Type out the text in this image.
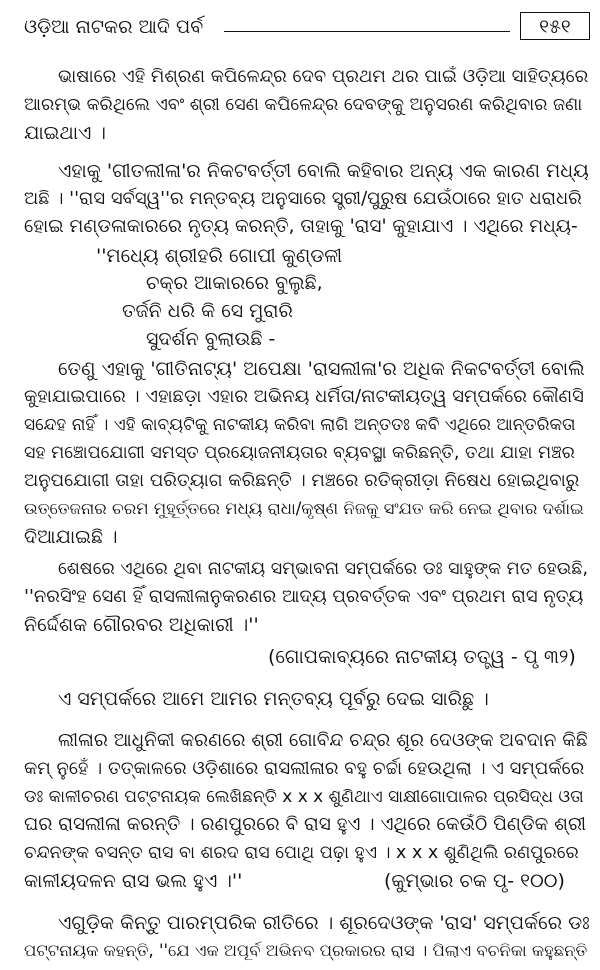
ଓଡ଼ିଆ ନାଟକର ଆଦି ପର୍ବ	୧୫୧
ଭାଷାରେ ଏହି ମିଶ୍ରଣ କପିଳେନ୍ଦ୍ର ଦେବ ପ୍ରଥମ ଥର ପାଇଁ ଓଡ଼ିଆ ସାହିତ୍ୟରେ
ଆରମ୍ଭ କରିଥିଲେ ଏବଂ ଶ୍ରୀ ସେଣ କପିଳେନ୍ଦ୍ର ଦେବଙ୍କୁ ଅନୁସରଣ କରିଥିବାର ଜଣା
ଯାଇଥାଏ ।
ଏହାକୁ 'ଗୀତଲୀଳା'ର ନିକଟବର୍ତ୍ତୀ ବୋଲି କହିବାର ଅନ୍ୟ ଏକ କାରଣ ମଧ୍ୟ
ଅଛି । ''ରାସ ସର୍ବସ୍ୱ''ର ମନ୍ତବ୍ୟ ଅନୁସାରେ ସ୍ତ୍ରୀ/ପୁରୁଷ ଯେଉଁଠାରେ ହାତ ଧରାଧରି
ହୋଇ ମଣ୍ଡଳାକାରରେ ନୃତ୍ୟ କରନ୍ତି, ତାହାକୁ 'ରାସ' କୁହାଯାଏ । ଏଥିରେ ମଧ୍ୟ-
''ମଧ୍ୟେ ଶ୍ରୀହରି ଗୋପୀ କୁଣ୍ଡଳୀ
ଚକ୍ର ଆକାରରେ ବୁଲୁଛି,
ତର୍ଜନି ଧରି କି ସେ ମୁରାରି
ସୁଦର୍ଶନ ବୁଲାଉଛି -
ତେଣୁ ଏହାକୁ 'ଗୀତିନାଟ୍ୟ' ଅପେକ୍ଷା 'ରାସଲୀଳା'ର ଅଧିକ ନିକଟବର୍ତ୍ତୀ ବୋଲି
କୁହାଯାଇପାରେ । ଏହାଛଡ଼ା ଏହାର ଅଭିନୟ ଧର୍ମିତା/ନାଟକୀୟତ୍ୱ ସମ୍ପର୍କରେ କୌଣସି
ସନ୍ଦେହ ନାହିଁ । ଏହି କାବ୍ୟଟିକୁ ନାଟକୀୟ କରିବା ଲାଗି ଅନ୍ତତଃ କବି ଏଥିରେ ଆନ୍ତରିକତା
ସହ ମଞ୍ଚୋପଯୋଗୀ ସମସ୍ତ ପ୍ରୟୋଜନୀୟତାର ବ୍ୟବସ୍ଥା କରିଛନ୍ତି, ତଥା ଯାହା ମଞ୍ଚର
ଅନୁପଯୋଗୀ ତାହା ପରିତ୍ୟାଗ କରିଛନ୍ତି । ମଞ୍ଚରେ ରତିକ୍ରୀଡ଼ା ନିଷେଧ ହୋଇଥିବାରୁ
ଉତ୍ତେଜନାର ଚରମ ମୁହୂର୍ତ୍ତରେ ମଧ୍ୟ ରାଧା/କୃଷ୍ଣ ନିଜକୁ ସଂଯତ କରି ନେଇ ଥିବାର ଦର୍ଶାଇ
ଦିଆଯାଇଛି ।
ଶେଷରେ ଏଥିରେ ଥିବା ନାଟକୀୟ ସମ୍ଭାବନା ସମ୍ପର୍କରେ ଡଃ ସାହୁଙ୍କ ମତ ହେଉଛି,
''ନରସିଂହ ସେଣ ହିଁ ରାସଲୀଳାନୁକରଣର ଆଦ୍ୟ ପ୍ରବର୍ତ୍ତକ ଏବଂ ପ୍ରଥମ ରାସ ନୃତ୍ୟ
ନିର୍ଦ୍ଦେଶକ ଗୌରବର ଅଧିକାରୀ ।''
(ଗୋପକାବ୍ୟରେ ନାଟକୀୟ ତତ୍ତ୍ୱ - ପୃ ୩୨)
ଏ ସମ୍ପର୍କରେ ଆମେ ଆମର ମନ୍ତବ୍ୟ ପୂର୍ବରୁ ଦେଇ ସାରିଛୁ ।
ଲୀଳାର ଆଧୁନିକୀ କରଣରେ ଶ୍ରୀ ଗୋବିନ୍ଦ ଚନ୍ଦ୍ର ଶୂର ଦେଓଙ୍କ ଅବଦାନ କିଛି
କମ୍ ନୁହେଁ । ତତ୍‌କାଳରେ ଓଡ଼ିଶାରେ ରାସଲୀଳାର ବହୁ ଚର୍ଚ୍ଚା ହେଉଥିଲା । ଏ ସମ୍ପର୍କରେ
ଡଃ କାଳୀଚରଣ ପଟ୍ଟନାୟକ ଲେଖିଛନ୍ତି x x x ଶୁଣିଥାଏ ସାକ୍ଷୀଗୋପାଳର ପ୍ରସିଦ୍ଧ ଓତା
ଘର ରାସଲୀଳା କରନ୍ତି । ରଣପୁରରେ ବି ରାସ ହୁଏ । ଏଥିରେ କେଉଁଠି ପିଣ୍ଡିକ ଶ୍ରୀ
ଚନ୍ଦନଙ୍କ ବସନ୍ତ ରାସ ବା ଶରଦ ରାସ ପୋଥି ପଢ଼ା ହୁଏ । x x x ଶୁଣିଥିଲି ରଣପୁରରେ
କାଳୀୟଦଳନ ରାସ ଭଲ ହୁଏ ।''	(କୁମ୍ଭାର ଚକ ପୃ- ୧୦୦)
ଏଗୁଡ଼ିକ କିନ୍ତୁ ପାରମ୍ପରିକ ରୀତିରେ । ଶୂରଦେଓଙ୍କ 'ରାସ' ସମ୍ପର୍କରେ ଡଃ
ପଟ୍ଟନାୟକ କହନ୍ତି, ''ଯେ ଏକ ଅପୂର୍ବ ଅଭିନବ ପ୍ରକାରର ରାସ । ପିଲାଏ ବଚନିକା କହୁଛନ୍ତି
